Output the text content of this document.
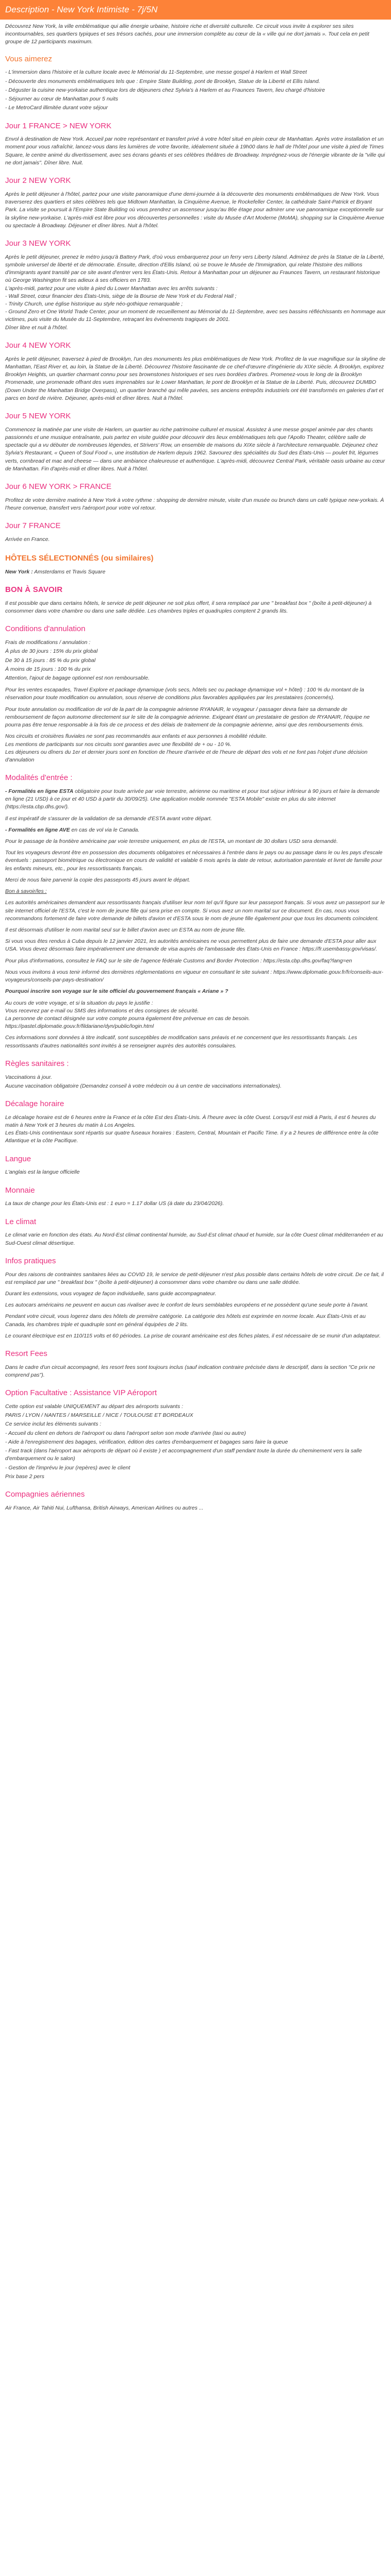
Description - New York Intimiste - 7j/5N

Découvrez New York, la ville emblématique qui allie énergie urbaine, histoire riche et diversité culturelle. Ce circuit vous invite à explorer ses sites incontournables, ses quartiers typiques et ses trésors cachés, pour une immersion complète au cœur de la « ville qui ne dort jamais ». Tout cela en petit groupe de 12 participants maximum.

Vous aimerez
- L'immersion dans l'histoire et la culture locale avec le Mémorial du 11-Septembre, une messe gospel à Harlem et Wall Street
- Découverte des monuments emblématiques tels que : Empire State Building, pont de Brooklyn, Statue de la Liberté et Ellis Island.
- Déguster la cuisine new-yorkaise authentique lors de déjeuners chez Sylvia's à Harlem et au Fraunces Tavern, lieu chargé d'histoire
- Séjourner au cœur de Manhattan pour 5 nuits
- Le MetroCard illimitée durant votre séjour
Jour 1 FRANCE > NEW YORK

Envol à destination de New York. Accueil par notre représentant et transfert privé à votre hôtel situé en plein cœur de Manhattan. Après votre installation et un moment pour vous rafraîchir, lancez-vous dans les lumières de votre favorite, idéalement située à 19h00 dans le hall de l'hôtel pour une visite à pied de Times Square, le centre animé du divertissement, avec ses écrans géants et ses célèbres théâtres de Broadway. Imprégnez-vous de l'énergie vibrante de la "ville qui ne dort jamais". Dîner libre. Nuit.

Jour 2 NEW YORK

Après le petit déjeuner à l'hôtel, partez pour une visite panoramique d'une demi-journée à la découverte des monuments emblématiques de New York. Vous traverserez des quartiers et sites célèbres tels que Midtown Manhattan, la Cinquième Avenue, le Rockefeller Center, la cathédrale Saint-Patrick et Bryant Park. La visite se poursuit à l'Empire State Building où vous prendrez un ascenseur jusqu'au 86e étage pour admirer une vue panoramique exceptionnelle sur la skyline new-yorkaise. L'après-midi est libre pour vos découvertes personnelles : visite du Musée d'Art Moderne (MoMA), shopping sur la Cinquième Avenue ou spectacle à Broadway. Déjeuner et dîner libres. Nuit à l'hôtel.

Jour 3 NEW YORK

Après le petit déjeuner, prenez le métro jusqu'à Battery Park, d'où vous embarquerez pour un ferry vers Liberty Island. Admirez de près la Statue de la Liberté, symbole universel de liberté et de démocratie. Ensuite, direction d'Ellis Island, où se trouve le Musée de l'Immigration, qui relate l'histoire des millions d'immigrants ayant transité par ce site avant d'entrer vers les États-Unis. Retour à Manhattan pour un déjeuner au Fraunces Tavern, un restaurant historique où George Washington fit ses adieux à ses officiers en 1783.
L'après-midi, partez pour une visite à pied du Lower Manhattan avec les arrêts suivants :
- Wall Street, cœur financier des États-Unis, siège de la Bourse de New York et du Federal Hall ;
- Trinity Church, une église historique au style néo-gothique remarquable ;
- Ground Zero et One World Trade Center, pour un moment de recueillement au Mémorial du 11-Septembre, avec ses bassins réfléchissants en hommage aux victimes, puis visite du Musée du 11-Septembre, retraçant les événements tragiques de 2001.
Dîner libre et nuit à l'hôtel.

Jour 4 NEW YORK

Après le petit déjeuner, traversez à pied de Brooklyn, l'un des monuments les plus emblématiques de New York. Profitez de la vue magnifique sur la skyline de Manhattan, l'East River et, au loin, la Statue de la Liberté. Découvrez l'histoire fascinante de ce chef-d'œuvre d'ingénierie du XIXe siècle. À Brooklyn, explorez Brooklyn Heights, un quartier charmant connu pour ses brownstones historiques et ses rues bordées d'arbres. Promenez-vous le long de la Brooklyn Promenade, une promenade offrant des vues imprenables sur le Lower Manhattan, le pont de Brooklyn et la Statue de la Liberté. Puis, découvrez DUMBO (Down Under the Manhattan Bridge Overpass), un quartier branché qui mêle pavées, ses anciens entrepôts industriels ont été transformés en galeries d'art et parcs en bord de rivière. Déjeuner, après-midi et dîner libres. Nuit à l'hôtel.

Jour 5 NEW YORK

Commencez la matinée par une visite de Harlem, un quartier au riche patrimoine culturel et musical. Assistez à une messe gospel animée par des chants passionnés et une musique entraînante, puis partez en visite guidée pour découvrir des lieux emblématiques tels que l'Apollo Theater, célèbre salle de spectacle qui a vu débuter de nombreuses légendes, et Strivers' Row, un ensemble de maisons du XIXe siècle à l'architecture remarquable. Déjeunez chez Sylvia's Restaurant, « Queen of Soul Food », une institution de Harlem depuis 1962. Savourez des spécialités du Sud des États-Unis — poulet frit, légumes verts, cornbread et mac and cheese — dans une ambiance chaleureuse et authentique. L'après-midi, découvrez Central Park, véritable oasis urbaine au cœur de Manhattan. Fin d'après-midi et dîner libres. Nuit à l'hôtel.

Jour 6 NEW YORK > FRANCE

Profitez de votre dernière matinée à New York à votre rythme : shopping de dernière minute, visite d'un musée ou brunch dans un café typique new-yorkais. À l'heure convenue, transfert vers l'aéroport pour votre vol retour.

Jour 7 FRANCE

Arrivée en France.

HÔTELS SÉLECTIONNÉS (ou similaires)

New York : Amsterdams et Travis Square

BON À SAVOIR

Il est possible que dans certains hôtels, le service de petit déjeuner ne soit plus offert, il sera remplacé par une " breakfast box " (boîte à petit-déjeuner) à consommer dans votre chambre ou dans une salle dédiée. Les chambres triples et quadruples comptent 2 grands lits.

Conditions d'annulation
Frais de modifications / annulation :
À plus de 30 jours : 15% du prix global
De 30 à 15 jours : 85 % du prix global
À moins de 15 jours : 100 % du prix
Attention, l'ajout de bagage optionnel est non remboursable.

Pour les ventes escapades, Travel Explore et package dynamique (vols secs, hôtels sec ou package dynamique vol + hôtel) : 100 % du montant de la réservation pour toute modification ou annulation, sous réserve de conditions plus favorables appliquées par les prestataires (concernés).

Pour toute annulation ou modification de vol de la part de la compagnie aérienne RYANAIR, le voyageur / passager devra faire sa demande de remboursement de façon autonome directement sur le site de la compagnie aérienne. Exigeant étant un prestataire de gestion de RYANAIR, l'équipe ne pourra pas être tenue responsable à la fois de ce process et des délais de traitement de la compagnie aérienne, ainsi que des remboursements émis.

Nos circuits et croisières fluviales ne sont pas recommandés aux enfants et aux personnes à mobilité réduite.
Les mentions de participants sur nos circuits sont garanties avec une flexibilité de + ou - 10 %.
Les déjeuners ou dîners du 1er et dernier jours sont en fonction de l'heure d'arrivée et de l'heure de départ des vols et ne font pas l'objet d'une décision d'annulation

Modalités d'entrée :

- Formalités en ligne ESTA obligatoire pour toute arrivée par voie terrestre, aérienne ou maritime et pour tout séjour inférieur à 90 jours et faire la demande en ligne (21 USD) à ce jour et 40 USD à partir du 30/09/25). Une application mobile nommée "ESTA Mobile" existe en plus du site internet (https://esta.cbp.dhs.gov/).

Il est impératif de s'assurer de la validation de sa demande d'ESTA avant votre départ.

- Formalités en ligne AVE en cas de vol via le Canada.

Pour le passage de la frontière américaine par voie terrestre uniquement, en plus de l'ESTA, un montant de 30 dollars USD sera demandé.

Tout les voyageurs devront être en possession des documents obligatoires et nécessaires à l'entrée dans le pays ou au passage dans le ou les pays d'escale éventuels : passeport biométrique ou électronique en cours de validité et valable 6 mois après la date de retour, autorisation parentale et livret de famille pour les enfants mineurs, etc., pour les ressortissants français.

Merci de nous faire parvenir la copie des passeports 45 jours avant le départ.

Bon à savoir/les :

Les autorités américaines demandent aux ressortissants français d'utiliser leur nom tel qu'il figure sur leur passeport français. Si vous avez un passeport sur le site internet officiel de l'ESTA, c'est le nom de jeune fille qui sera prise en compte. Si vous avez un nom marital sur ce document. En cas, nous vous recommandons fortement de faire votre demande de billets d'avion et d'ESTA sous le nom de jeune fille également pour que tous les documents coïncident.

Il est désormais d'utiliser le nom marital seul sur le billet d'avion avec un ESTA au nom de jeune fille.

Si vous vous êtes rendus à Cuba depuis le 12 janvier 2021, les autorités américaines ne vous permettent plus de faire une demande d'ESTA pour aller aux USA. Vous devez désormais faire impérativement une demande de visa auprès de l'ambassade des États-Unis en France : https://fr.usembassy.gov/visas/.

Pour plus d'informations, consultez le FAQ sur le site de l'agence fédérale Customs and Border Protection : https://esta.cbp.dhs.gov/faq?lang=en

Nous vous invitons à vous tenir informé des dernières réglementations en vigueur en consultant le site suivant : https://www.diplomatie.gouv.fr/fr/conseils-aux-voyageurs/conseils-par-pays-destination/

Pourquoi inscrire son voyage sur le site officiel du gouvernement français « Ariane » ?

Au cours de votre voyage, et si la situation du pays le justifie :
Vous recevrez par e-mail ou SMS des informations et des consignes de sécurité.
La personne de contact désignée sur votre compte pourra également être prévenue en cas de besoin.
https://pastel.diplomatie.gouv.fr/fildariane/dyn/public/login.html

Ces informations sont données à titre indicatif, sont susceptibles de modification sans préavis et ne concernent que les ressortissants français. Les ressortissants d'autres nationalités sont invités à se renseigner auprès des autorités consulaires.

Règles sanitaires :
Vaccinations à jour.
Aucune vaccination obligatoire (Demandez conseil à votre médecin ou à un centre de vaccinations internationales).
Décalage horaire

Le décalage horaire est de 6 heures entre la France et la côte Est des États-Unis. À l'heure avec la côte Ouest. Lorsqu'il est midi à Paris, il est 6 heures du matin à New York et 3 heures du matin à Los Angeles.
Les États-Unis continentaux sont répartis sur quatre fuseaux horaires : Eastern, Central, Mountain et Pacific Time. Il y a 2 heures de différence entre la côte Atlantique et la côte Pacifique.

Langue

L'anglais est la langue officielle

Monnaie

La taux de change pour les États-Unis est : 1 euro = 1.17 dollar US (à date du 23/04/2026).

Le climat

Le climat varie en fonction des états. Au Nord-Est climat continental humide, au Sud-Est climat chaud et humide, sur la côte Ouest climat méditerranéen et au Sud-Ouest climat désertique.

Infos pratiques

Pour des raisons de contraintes sanitaires liées au COVID 19, le service de petit-déjeuner n'est plus possible dans certains hôtels de votre circuit. De ce fait, il est remplacé par une " breakfast box " (boîte à petit-déjeuner) à consommer dans votre chambre ou dans une salle dédiée.

Durant les extensions, vous voyagez de façon individuelle, sans guide accompagnateur.

Les autocars américains ne peuvent en aucun cas rivaliser avec le confort de leurs semblables européens et ne possèdent qu'une seule porte à l'avant.

Pendant votre circuit, vous logerez dans des hôtels de première catégorie. La catégorie des hôtels est exprimée en norme locale. Aux États-Unis et au Canada, les chambres triple et quadruple sont en général équipées de 2 lits.

Le courant électrique est en 110/115 volts et 60 périodes. La prise de courant américaine est des fiches plates, il est nécessaire de se munir d'un adaptateur.

Resort Fees

Dans le cadre d'un circuit accompagné, les resort fees sont toujours inclus (sauf indication contraire précisée dans le descriptif, dans la section "Ce prix ne comprend pas").

Option Facultative : Assistance VIP Aéroport
Cette option est valable UNIQUEMENT au départ des aéroports suivants :
PARIS / LYON / NANTES / MARSEILLE / NICE / TOULOUSE ET BORDEAUX
Ce service inclut les éléments suivants :
- Accueil du client en dehors de l'aéroport ou dans l'aéroport selon son mode d'arrivée (taxi ou autre)
- Aide à l'enregistrement des bagages, vérification, édition des cartes d'embarquement et bagages sans faire la queue
- Fast track (dans l'aéroport aux aéroports de départ où il existe ) et accompagnement d'un staff pendant toute la durée du cheminement vers la salle d'embarquement ou le salon)
- Gestion de l'imprévu le jour (repères) avec le client
Prix base 2 pers
Compagnies aériennes

Air France, Air Tahiti Nui, Lufthansa, British Airways, American Airlines ou autres ...
